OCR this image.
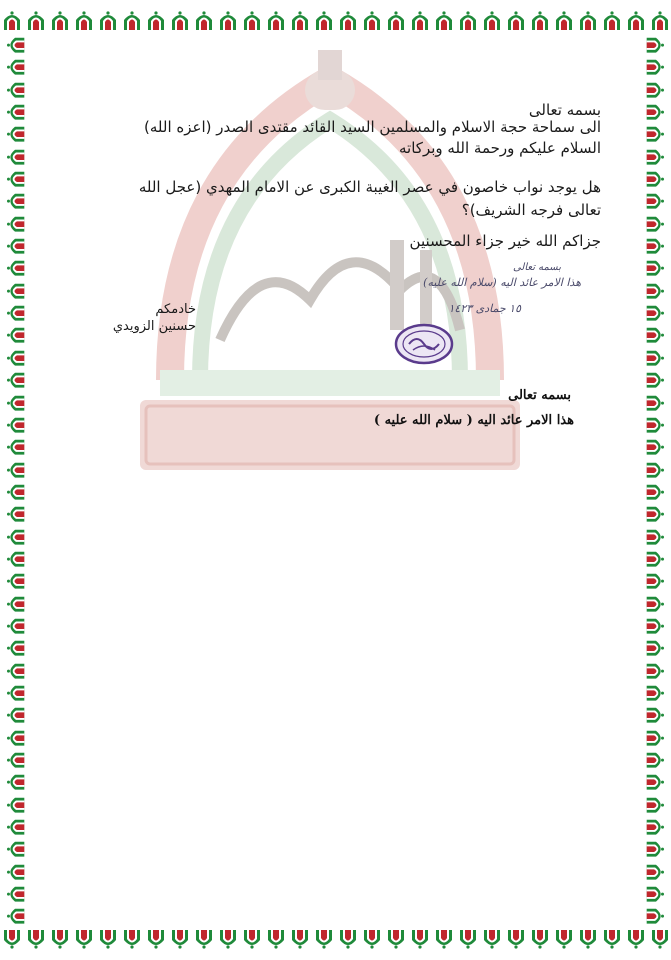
بسمه تعالى
الى سماحة حجة الاسلام والمسلمين السيد القائد مقتدى الصدر (اعزه الله)
السلام عليكم ورحمة الله وبركاته
هل يوجد نواب خاصون في عصر الغيبة الكبرى عن الامام المهدي (عجل الله
تعالى فرجه الشريف)؟
جزاكم الله خير جزاء المحسنين
خادمكم
حسنين الزويدي
بسمه تعالى
هذا الامر عائد اليه (سلام الله عليه)
١٥ جمادى ١٤٢٣
بسمه تعالى
هذا الامر عائد اليه ( سلام الله عليه )
